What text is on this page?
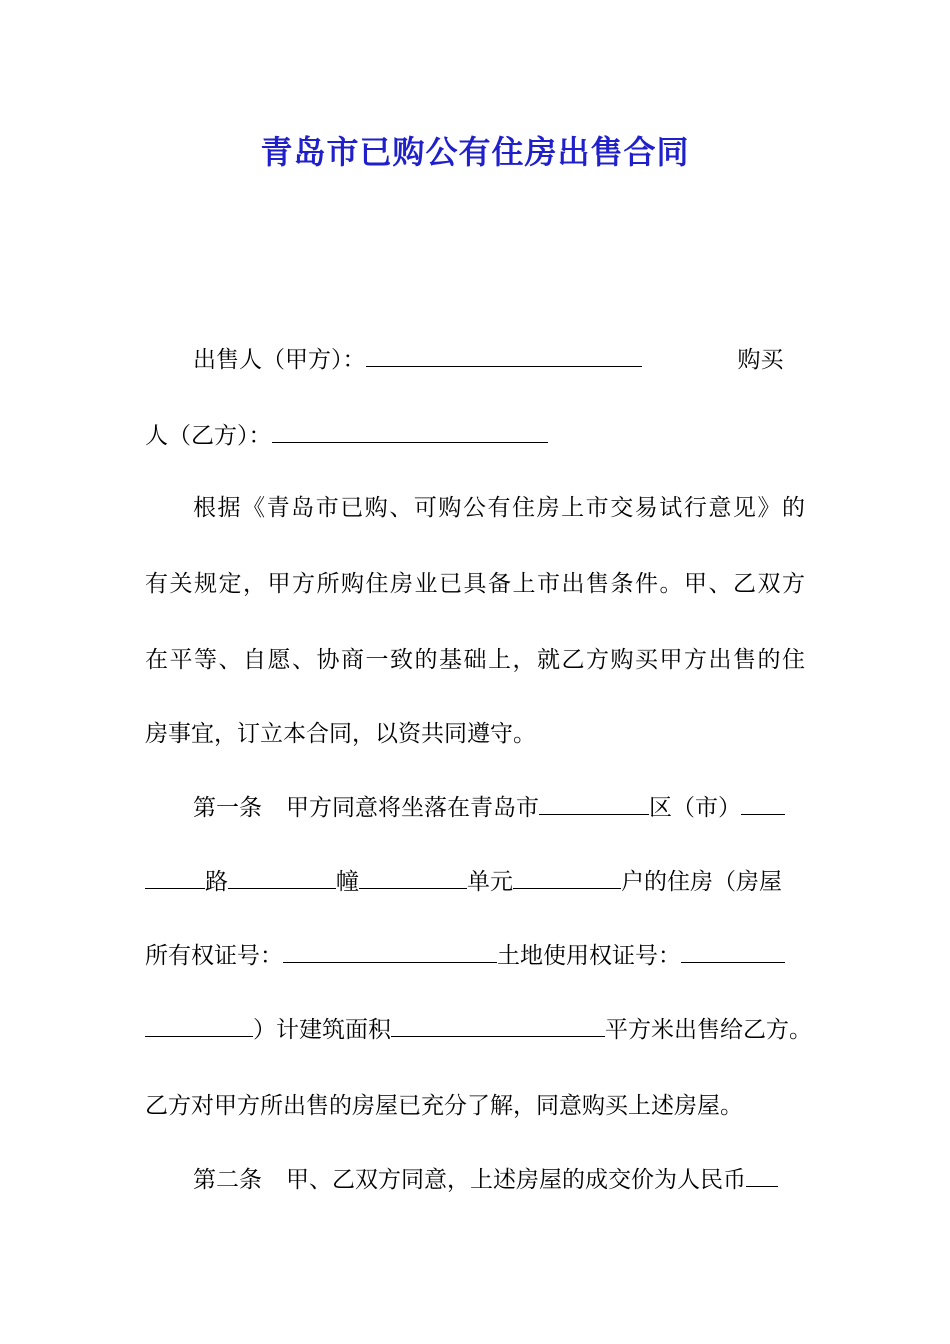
青岛市已购公有住房出售合同
出售人（甲方）：	购买
人（乙方）：
根据《青岛市已购、可购公有住房上市交易试行意见》的
有关规定，甲方所购住房业已具备上市出售条件。甲、乙双方
在平等、自愿、协商一致的基础上，就乙方购买甲方出售的住
房事宜，订立本合同，以资共同遵守。
第一条 甲方同意将坐落在青岛市	区（市）
路	幢	单元	户的住房（房屋
所有权证号：	土地使用权证号：
）计建筑面积	平方米出售给乙方。
乙方对甲方所出售的房屋已充分了解，同意购买上述房屋。
第二条 甲、乙双方同意，上述房屋的成交价为人民币
